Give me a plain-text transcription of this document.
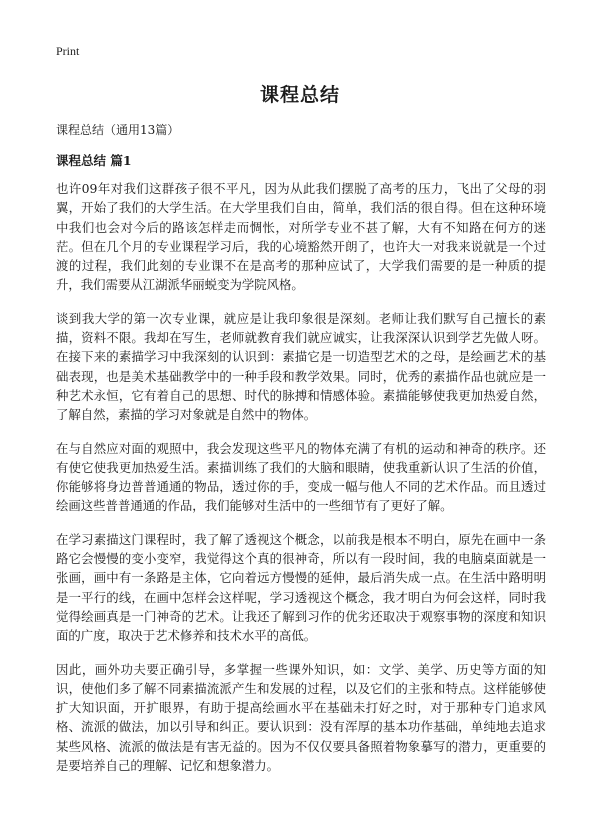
Print
课程总结
课程总结（通用13篇）
课程总结 篇1

也许09年对我们这群孩子很不平凡，因为从此我们摆脱了高考的压力，飞出了父母的羽翼，开始了我们的大学生活。在大学里我们自由，简单，我们活的很自得。但在这种环境中我们也会对今后的路该怎样走而惆怅，对所学专业不甚了解，大有不知路在何方的迷茫。但在几个月的专业课程学习后，我的心境豁然开朗了，也许大一对我来说就是一个过渡的过程，我们此刻的专业课不在是高考的那种应试了，大学我们需要的是一种质的提升，我们需要从江湖派华丽蜕变为学院风格。

谈到我大学的第一次专业课，就应是让我印象很是深刻。老师让我们默写自己擅长的素描，资料不限。我却在写生，老师就教育我们就应诚实，让我深深认识到学艺先做人呀。在接下来的素描学习中我深刻的认识到：素描它是一切造型艺术的之母，是绘画艺术的基础表现，也是美术基础教学中的一种手段和教学效果。同时，优秀的素描作品也就应是一种艺术永恒，它有着自己的思想、时代的脉搏和情感体验。素描能够使我更加热爱自然，了解自然，素描的学习对象就是自然中的物体。

在与自然应对面的观照中，我会发现这些平凡的物体充满了有机的运动和神奇的秩序。还有使它使我更加热爱生活。素描训练了我们的大脑和眼睛，使我重新认识了生活的价值，你能够将身边普普通通的物品，透过你的手，变成一幅与他人不同的艺术作品。而且透过绘画这些普普通通的作品，我们能够对生活中的一些细节有了更好了解。

在学习素描这门课程时，我了解了透视这个概念，以前我是根本不明白，原先在画中一条路它会慢慢的变小变窄，我觉得这个真的很神奇，所以有一段时间，我的电脑桌面就是一张画，画中有一条路是主体，它向着远方慢慢的延伸，最后消失成一点。在生活中路明明是一平行的线，在画中怎样会这样呢，学习透视这个概念，我才明白为何会这样，同时我觉得绘画真是一门神奇的艺术。让我还了解到习作的优劣还取决于观察事物的深度和知识面的广度，取决于艺术修养和技术水平的高低。

因此，画外功夫要正确引导，多掌握一些课外知识，如：文学、美学、历史等方面的知识，使他们多了解不同素描流派产生和发展的过程，以及它们的主张和特点。这样能够使扩大知识面，开扩眼界，有助于提高绘画水平在基础未打好之时，对于那种专门追求风格、流派的做法，加以引导和纠正。要认识到：没有浑厚的基本功作基础，单纯地去追求某些风格、流派的做法是有害无益的。因为不仅仅要具备照着物象摹写的潜力，更重要的是要培养自己的理解、记忆和想象潜力。
